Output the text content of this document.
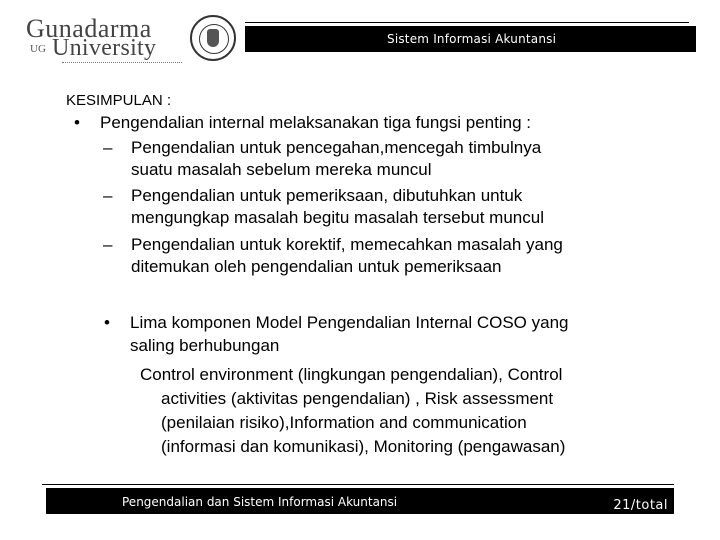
Gunadarma
UG University	Sistem Informasi Akuntansi
KESIMPULAN :
• Pengendalian internal melaksanakan tiga fungsi penting :
– Pengendalian untuk pencegahan,mencegah timbulnya
suatu masalah sebelum mereka muncul
– Pengendalian untuk pemeriksaan, dibutuhkan untuk
mengungkap masalah begitu masalah tersebut muncul
– Pengendalian untuk korektif, memecahkan masalah yang
ditemukan oleh pengendalian untuk pemeriksaan
• Lima komponen Model Pengendalian Internal COSO yang
saling berhubungan
Control environment (lingkungan pengendalian), Control
activities (aktivitas pengendalian) , Risk assessment
(penilaian risiko),Information and communication
(informasi dan komunikasi), Monitoring (pengawasan)
Pengendalian dan Sistem Informasi Akuntansi	21/total
